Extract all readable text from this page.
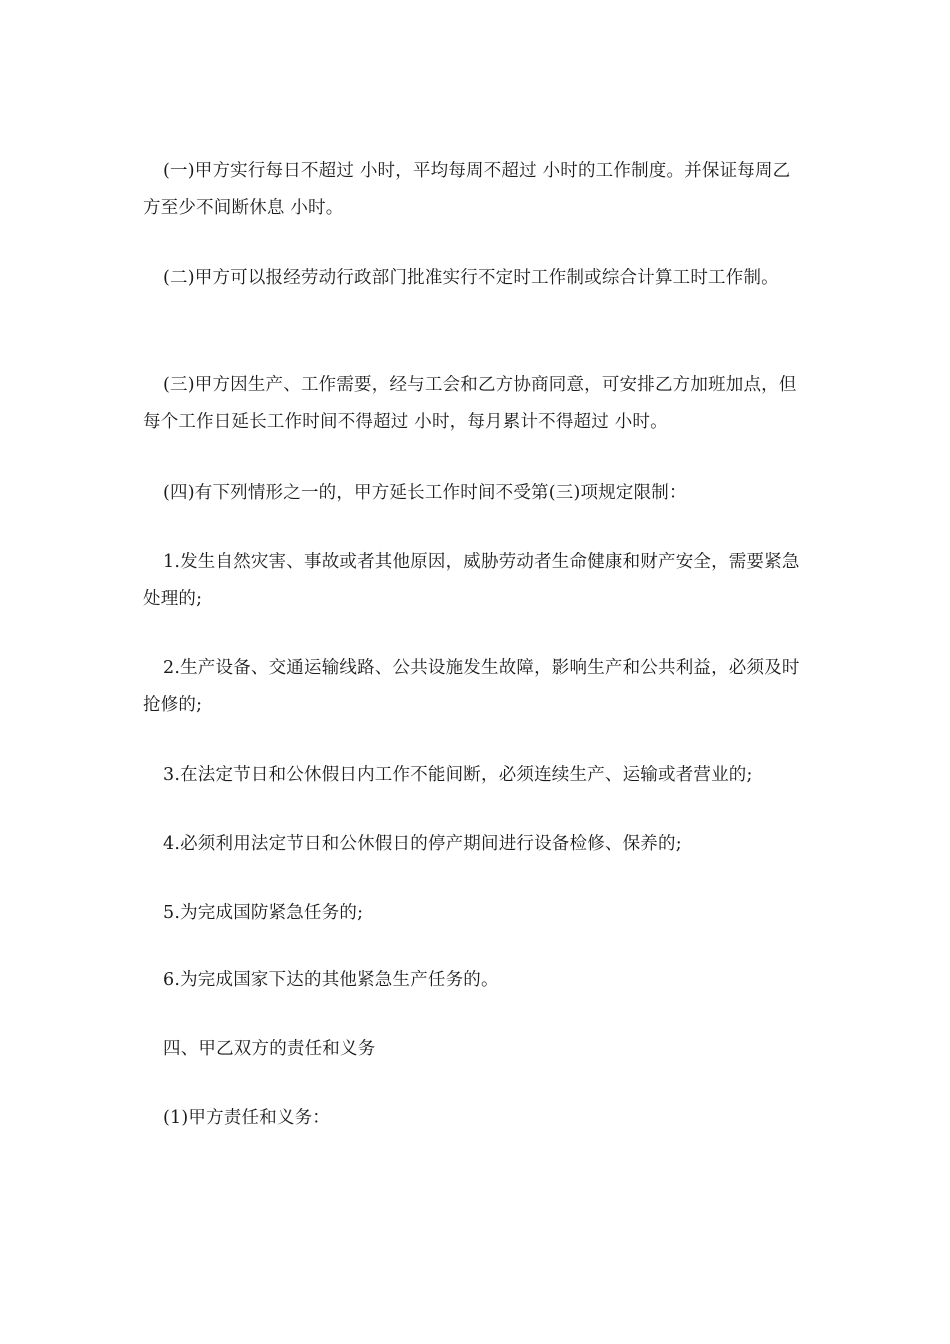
(一)甲方实行每日不超过 小时，平均每周不超过 小时的工作制度。并保证每周乙方至少不间断休息 小时。

(二)甲方可以报经劳动行政部门批准实行不定时工作制或综合计算工时工作制。

(三)甲方因生产、工作需要，经与工会和乙方协商同意，可安排乙方加班加点，但每个工作日延长工作时间不得超过 小时，每月累计不得超过 小时。

(四)有下列情形之一的，甲方延长工作时间不受第(三)项规定限制：

1.发生自然灾害、事故或者其他原因，威胁劳动者生命健康和财产安全，需要紧急处理的;

2.生产设备、交通运输线路、公共设施发生故障，影响生产和公共利益，必须及时抢修的;

3.在法定节日和公休假日内工作不能间断，必须连续生产、运输或者营业的;

4.必须利用法定节日和公休假日的停产期间进行设备检修、保养的;

5.为完成国防紧急任务的;

6.为完成国家下达的其他紧急生产任务的。

四、甲乙双方的责任和义务

(1)甲方责任和义务：
